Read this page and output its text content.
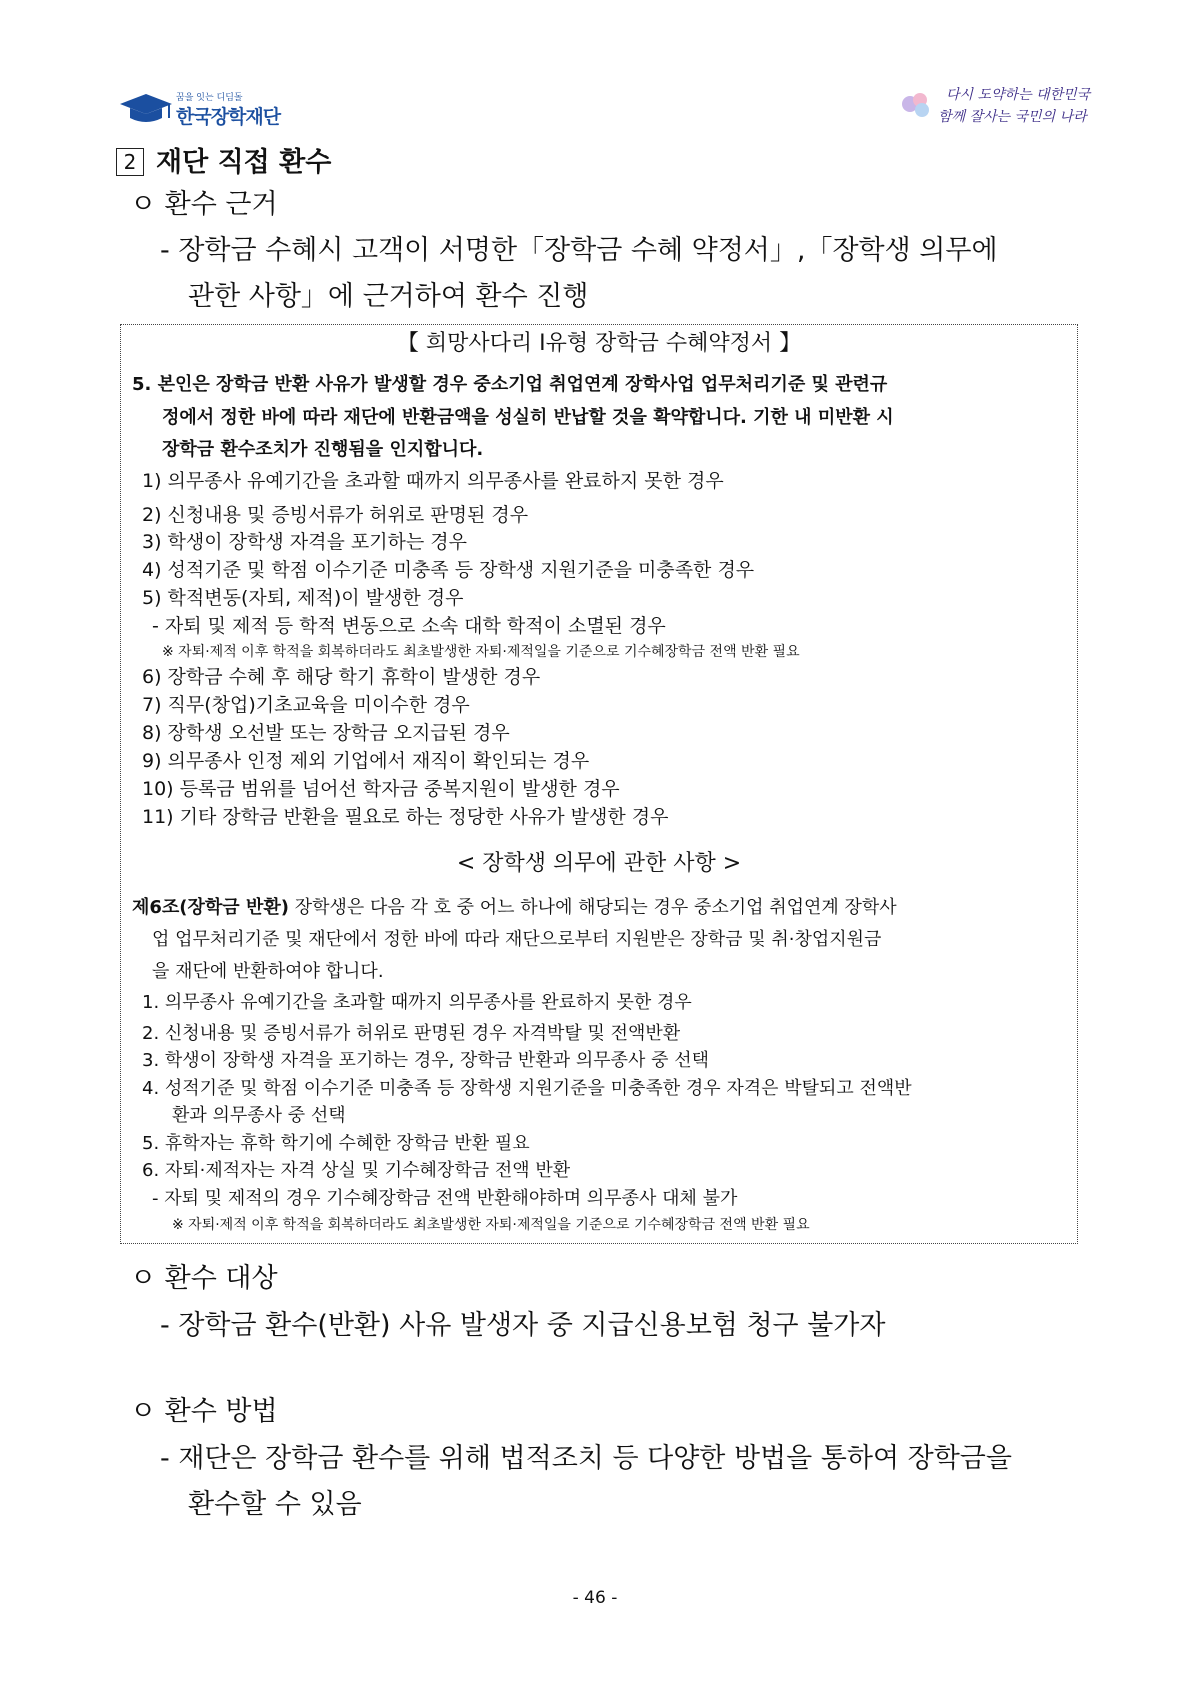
꿈을 잇는 디딤돌
한국장학재단
다시 도약하는 대한민국
함께 잘사는 국민의 나라
2 재단 직접 환수
ㅇ 환수 근거
- 장학금 수혜시 고객이 서명한「장학금 수혜 약정서」,「장학생 의무에
관한 사항」에 근거하여 환수 진행
【 희망사다리 Ⅰ유형 장학금 수혜약정서 】
5. 본인은 장학금 반환 사유가 발생할 경우 중소기업 취업연계 장학사업 업무처리기준 및 관련규
정에서 정한 바에 따라 재단에 반환금액을 성실히 반납할 것을 확약합니다. 기한 내 미반환 시
장학금 환수조치가 진행됨을 인지합니다.
1) 의무종사 유예기간을 초과할 때까지 의무종사를 완료하지 못한 경우
2) 신청내용 및 증빙서류가 허위로 판명된 경우
3) 학생이 장학생 자격을 포기하는 경우
4) 성적기준 및 학점 이수기준 미충족 등 장학생 지원기준을 미충족한 경우
5) 학적변동(자퇴, 제적)이 발생한 경우
- 자퇴 및 제적 등 학적 변동으로 소속 대학 학적이 소멸된 경우
※ 자퇴·제적 이후 학적을 회복하더라도 최초발생한 자퇴·제적일을 기준으로 기수혜장학금 전액 반환 필요
6) 장학금 수혜 후 해당 학기 휴학이 발생한 경우
7) 직무(창업)기초교육을 미이수한 경우
8) 장학생 오선발 또는 장학금 오지급된 경우
9) 의무종사 인정 제외 기업에서 재직이 확인되는 경우
10) 등록금 범위를 넘어선 학자금 중복지원이 발생한 경우
11) 기타 장학금 반환을 필요로 하는 정당한 사유가 발생한 경우
< 장학생 의무에 관한 사항 >
제6조(장학금 반환) 장학생은 다음 각 호 중 어느 하나에 해당되는 경우 중소기업 취업연계 장학사
업 업무처리기준 및 재단에서 정한 바에 따라 재단으로부터 지원받은 장학금 및 취·창업지원금
을 재단에 반환하여야 합니다.
1. 의무종사 유예기간을 초과할 때까지 의무종사를 완료하지 못한 경우
2. 신청내용 및 증빙서류가 허위로 판명된 경우 자격박탈 및 전액반환
3. 학생이 장학생 자격을 포기하는 경우, 장학금 반환과 의무종사 중 선택
4. 성적기준 및 학점 이수기준 미충족 등 장학생 지원기준을 미충족한 경우 자격은 박탈되고 전액반
환과 의무종사 중 선택
5. 휴학자는 휴학 학기에 수혜한 장학금 반환 필요
6. 자퇴·제적자는 자격 상실 및 기수혜장학금 전액 반환
- 자퇴 및 제적의 경우 기수혜장학금 전액 반환해야하며 의무종사 대체 불가
※ 자퇴·제적 이후 학적을 회복하더라도 최초발생한 자퇴·제적일을 기준으로 기수혜장학금 전액 반환 필요
ㅇ 환수 대상
- 장학금 환수(반환) 사유 발생자 중 지급신용보험 청구 불가자
ㅇ 환수 방법
- 재단은 장학금 환수를 위해 법적조치 등 다양한 방법을 통하여 장학금을
환수할 수 있음
- 46 -
